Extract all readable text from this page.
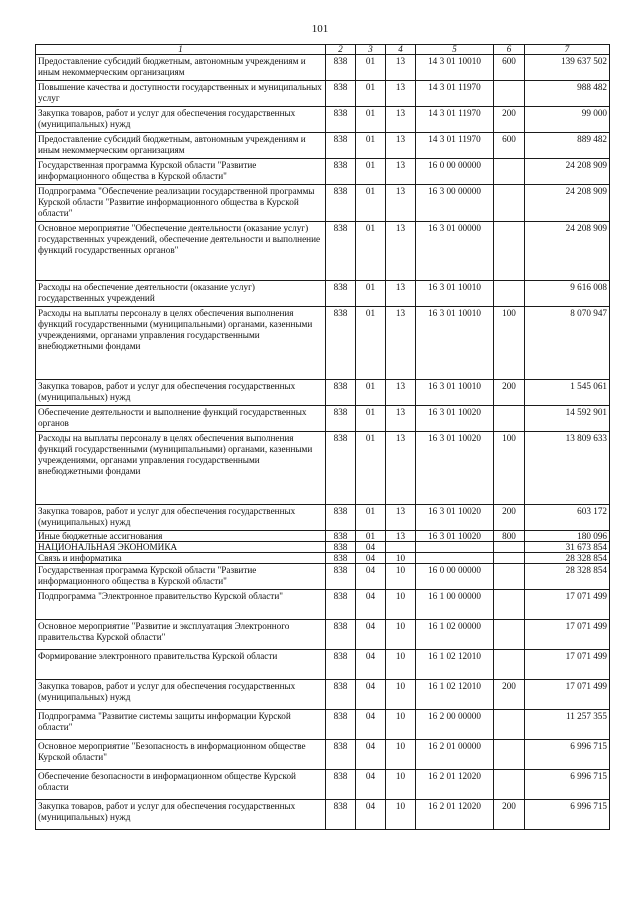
101
1	2	3	4	5	6	7
Предоставление субсидий бюджетным, автономным учреждениям и иным некоммерческим организациям	838	01	13	14 3 01 10010	600	139 637 502
Повышение качества и доступности государственных и муниципальных услуг	838	01	13	14 3 01 11970		988 482
Закупка товаров, работ и услуг для обеспечения государственных (муниципальных) нужд	838	01	13	14 3 01 11970	200	99 000
Предоставление субсидий бюджетным, автономным учреждениям и иным некоммерческим организациям	838	01	13	14 3 01 11970	600	889 482
Государственная программа Курской области "Развитие информационного общества в Курской области"	838	01	13	16 0 00 00000		24 208 909
Подпрограмма "Обеспечение реализации государственной программы Курской области "Развитие информационного общества в Курской области"	838	01	13	16 3 00 00000		24 208 909
Основное мероприятие "Обеспечение деятельности (оказание услуг) государственных учреждений, обеспечение деятельности и выполнение функций государственных органов"	838	01	13	16 3 01 00000		24 208 909
Расходы на обеспечение деятельности (оказание услуг) государственных учреждений	838	01	13	16 3 01 10010		9 616 008
Расходы на выплаты персоналу в целях обеспечения выполнения функций государственными (муниципальными) органами, казенными учреждениями, органами управления государственными внебюджетными фондами	838	01	13	16 3 01 10010	100	8 070 947
Закупка товаров, работ и услуг для обеспечения государственных (муниципальных) нужд	838	01	13	16 3 01 10010	200	1 545 061
Обеспечение деятельности и выполнение функций государственных органов	838	01	13	16 3 01 10020		14 592 901
Расходы на выплаты персоналу в целях обеспечения выполнения функций государственными (муниципальными) органами, казенными учреждениями, органами управления государственными внебюджетными фондами	838	01	13	16 3 01 10020	100	13 809 633
Закупка товаров, работ и услуг для обеспечения государственных (муниципальных) нужд	838	01	13	16 3 01 10020	200	603 172
Иные бюджетные ассигнования	838	01	13	16 3 01 10020	800	180 096
НАЦИОНАЛЬНАЯ ЭКОНОМИКА	838	04				31 673 854
Связь и информатика	838	04	10			28 328 854
Государственная программа Курской области "Развитие информационного общества в Курской области"	838	04	10	16 0 00 00000		28 328 854
Подпрограмма "Электронное правительство Курской области"	838	04	10	16 1 00 00000		17 071 499
Основное мероприятие "Развитие и эксплуатация Электронного правительства Курской области"	838	04	10	16 1 02 00000		17 071 499
Формирование электронного правительства Курской области	838	04	10	16 1 02 12010		17 071 499
Закупка товаров, работ и услуг для обеспечения государственных (муниципальных) нужд	838	04	10	16 1 02 12010	200	17 071 499
Подпрограмма "Развитие системы защиты информации Курской области"	838	04	10	16 2 00 00000		11 257 355
Основное мероприятие "Безопасность в информационном обществе Курской области"	838	04	10	16 2 01 00000		6 996 715
Обеспечение безопасности в информационном обществе Курской области	838	04	10	16 2 01 12020		6 996 715
Закупка товаров, работ и услуг для обеспечения государственных (муниципальных) нужд	838	04	10	16 2 01 12020	200	6 996 715
